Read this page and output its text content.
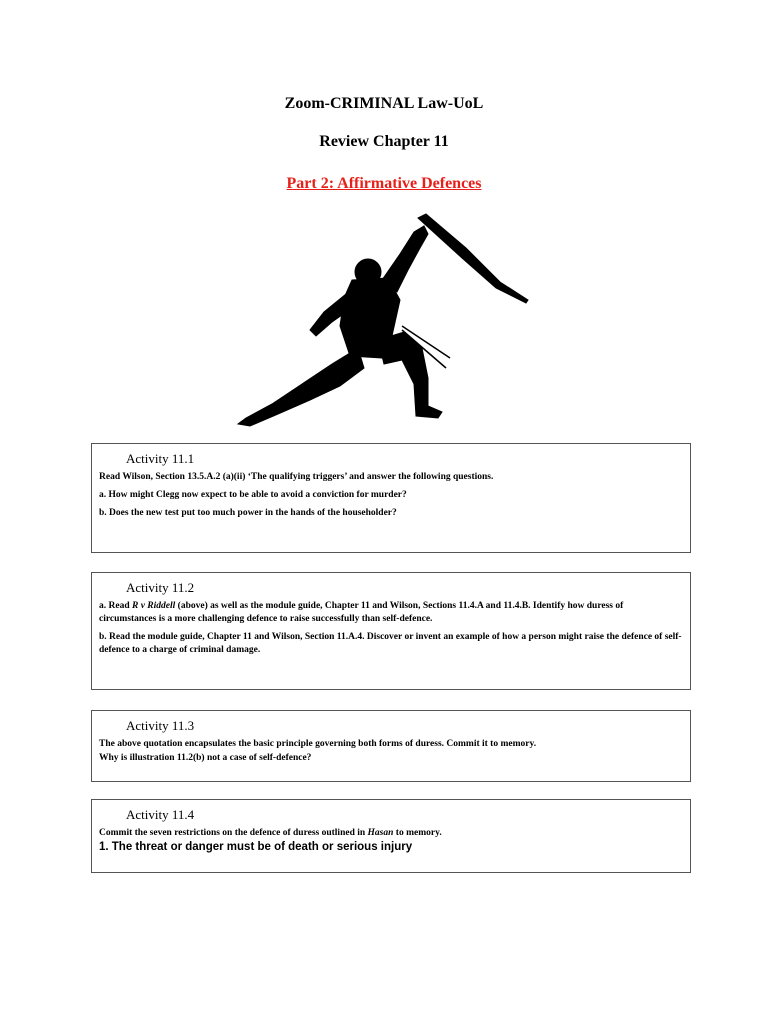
Zoom-CRIMINAL Law-UoL
Review Chapter 11
Part 2: Affirmative Defences
Activity 11.1
Read Wilson, Section 13.5.A.2 (a)(ii) ‘The qualifying triggers’ and answer the following questions.
a. How might Clegg now expect to be able to avoid a conviction for murder?
b. Does the new test put too much power in the hands of the householder?
Activity 11.2
a. Read R v Riddell (above) as well as the module guide, Chapter 11 and Wilson, Sections 11.4.A and 11.4.B. Identify how duress of circumstances is a more challenging defence to raise successfully than self-defence.
b. Read the module guide, Chapter 11 and Wilson, Section 11.A.4. Discover or invent an example of how a person might raise the defence of self-defence to a charge of criminal damage.
Activity 11.3
The above quotation encapsulates the basic principle governing both forms of duress. Commit it to memory.
Why is illustration 11.2(b) not a case of self-defence?
Activity 11.4
Commit the seven restrictions on the defence of duress outlined in Hasan to memory.
1. The threat or danger must be of death or serious injury
